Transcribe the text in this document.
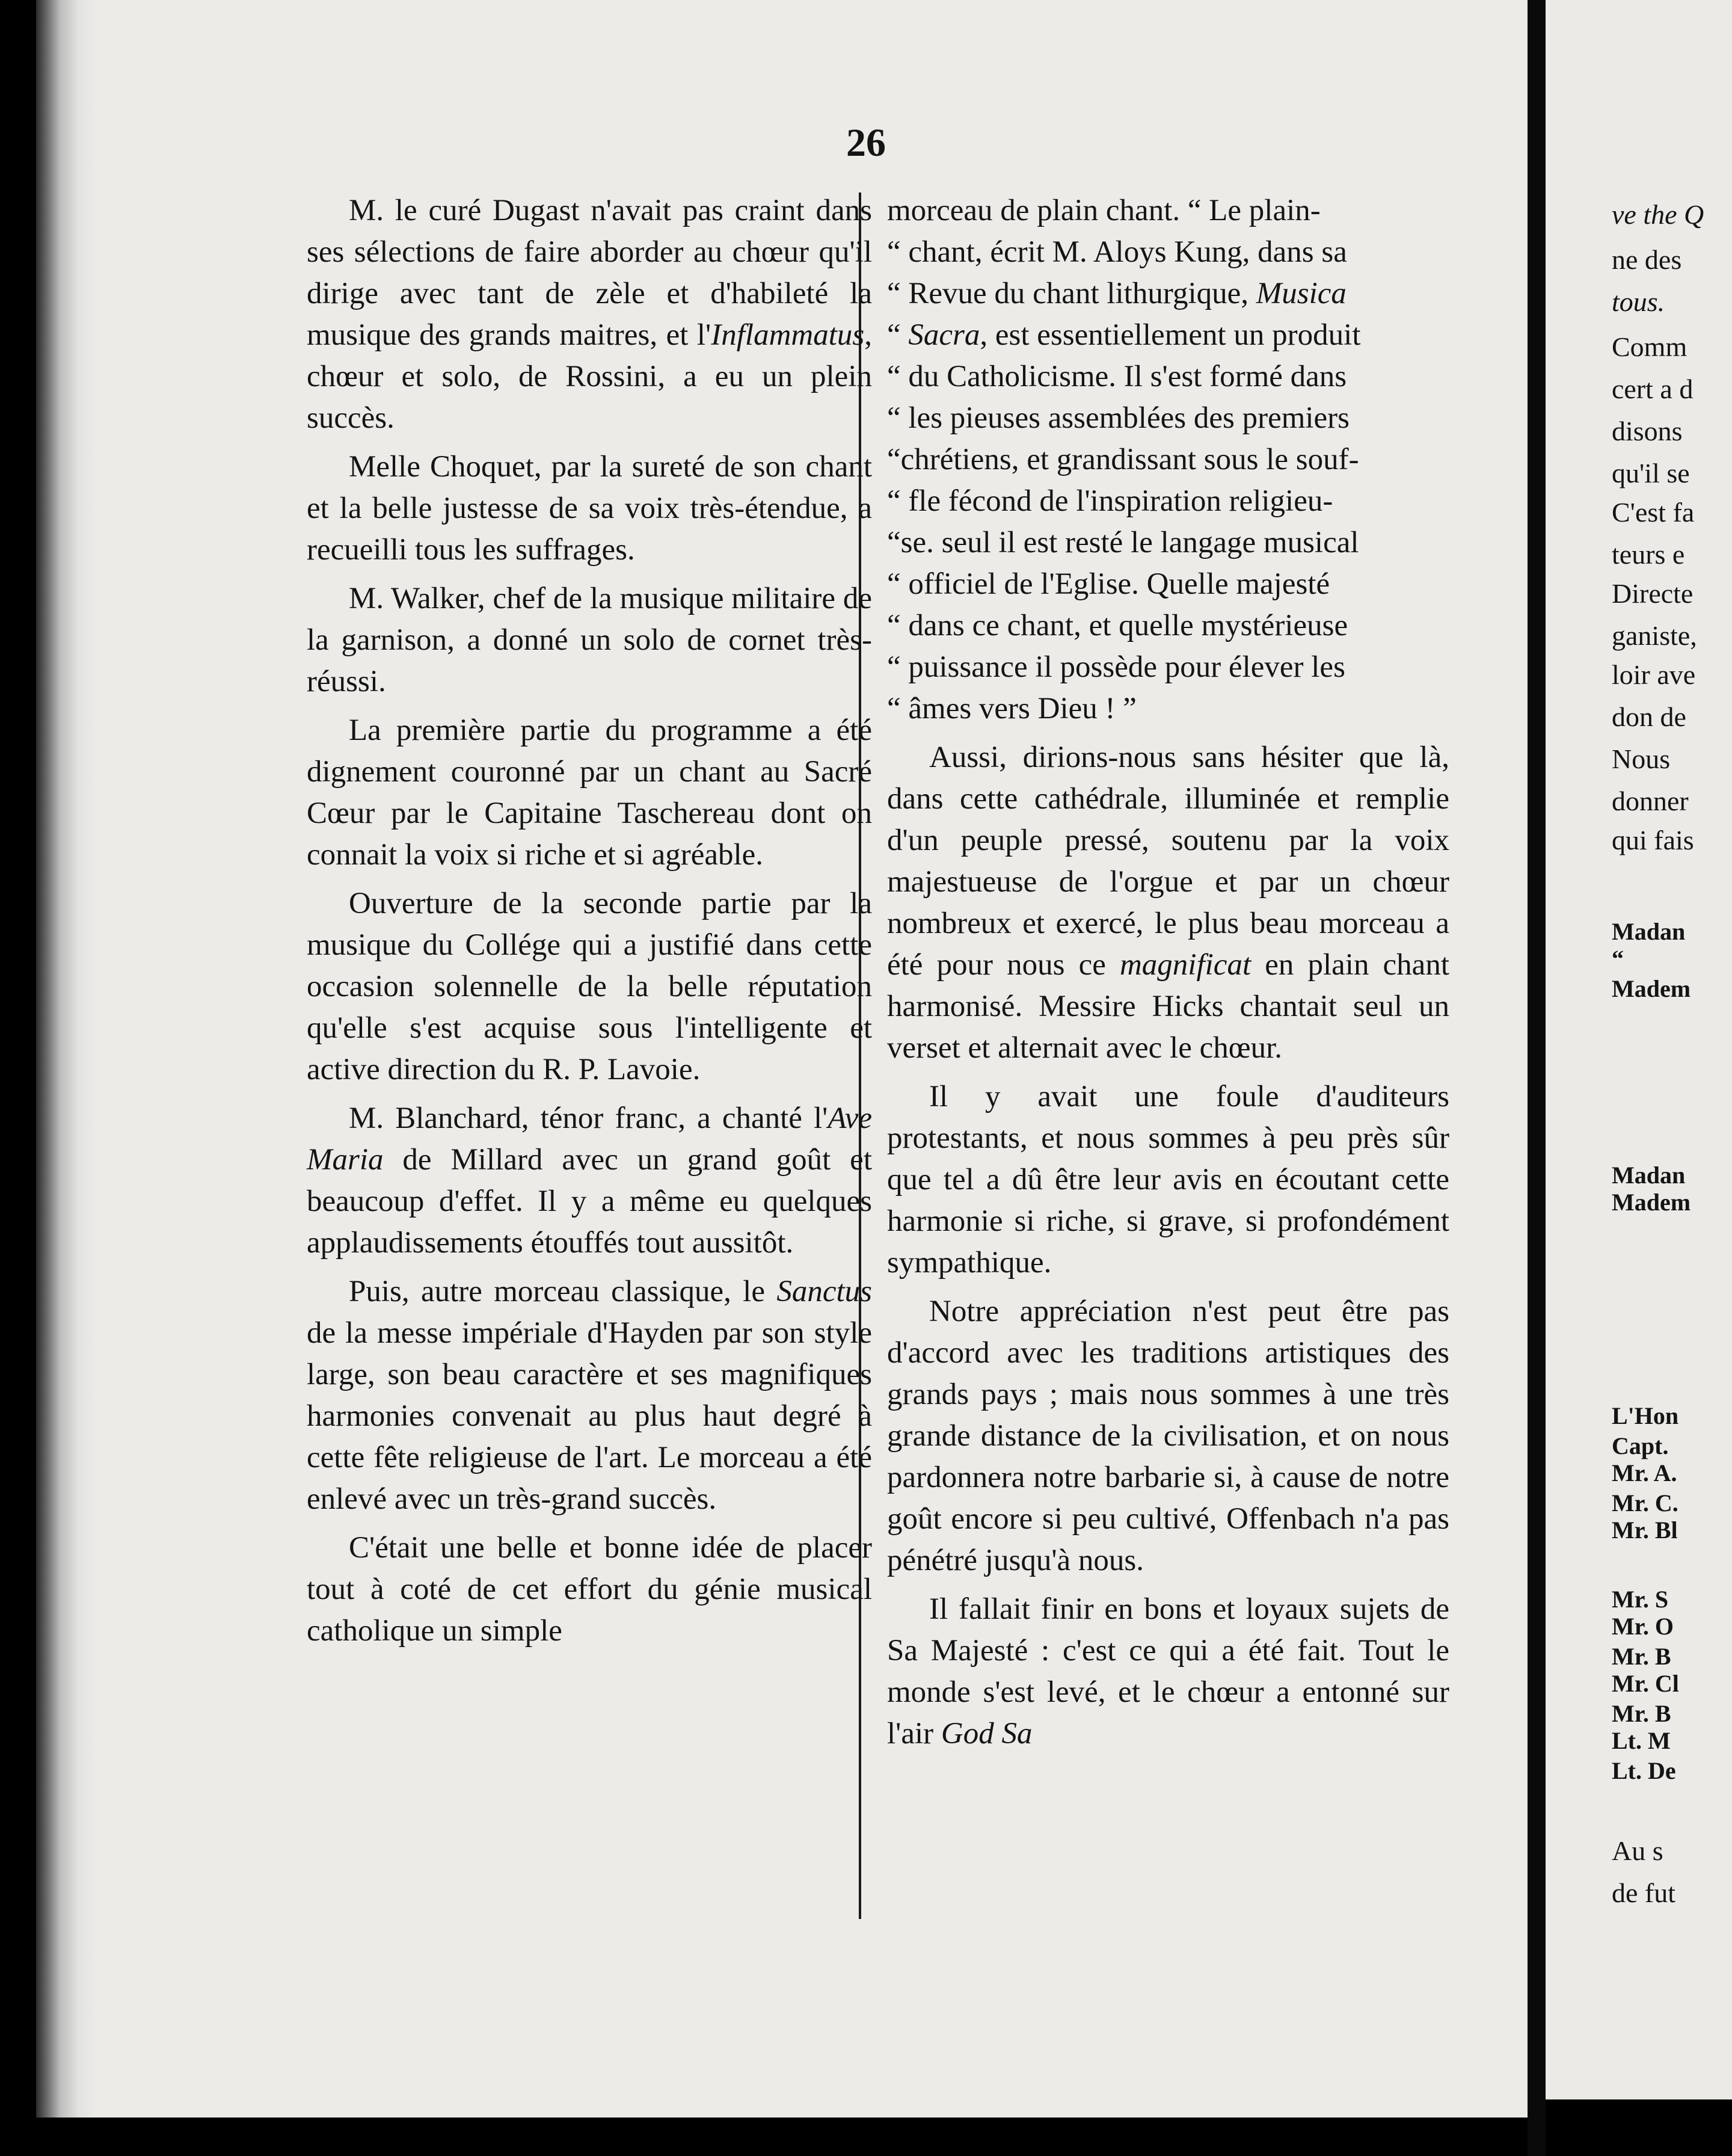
26

M. le curé Dugast n'avait pas craint dans ses sélections de faire aborder au chœur qu'il dirige avec tant de zèle et d'habileté la musique des grands maitres, et l'Inflammatus, chœur et solo, de Rossini, a eu un plein succès.

Melle Choquet, par la sureté de son chant et la belle justesse de sa voix très-étendue, a recueilli tous les suffrages.

M. Walker, chef de la musique militaire de la garnison, a donné un solo de cornet très-réussi.

La première partie du programme a été dignement couronné par un chant au Sacré Cœur par le Capitaine Taschereau dont on connait la voix si riche et si agréable.

Ouverture de la seconde partie par la musique du Collége qui a justifié dans cette occasion solennelle de la belle réputation qu'elle s'est acquise sous l'intelligente et active direction du R. P. Lavoie.

M. Blanchard, ténor franc, a chanté l'Ave Maria de Millard avec un grand goût et beaucoup d'effet. Il y a même eu quelques applaudissements étouffés tout aussitôt.

Puis, autre morceau classique, le Sanctus de la messe impériale d'Hayden par son style large, son beau caractère et ses magnifiques harmonies convenait au plus haut degré à cette fête religieuse de l'art. Le morceau a été enlevé avec un très-grand succès.

C'était une belle et bonne idée de placer tout à coté de cet effort du génie musical catholique un simple

morceau de plain chant. “ Le plain-

“ chant, écrit M. Aloys Kung, dans sa

“ Revue du chant lithurgique, Musica

“ Sacra, est essentiellement un produit

“ du Catholicisme. Il s'est formé dans

“ les pieuses assemblées des premiers

“chrétiens, et grandissant sous le souf-

“ fle fécond de l'inspiration religieu-

“se. seul il est resté le langage musical

“ officiel de l'Eglise. Quelle majesté

“ dans ce chant, et quelle mystérieuse

“ puissance il possède pour élever les

“ âmes vers Dieu ! ”

Aussi, dirions-nous sans hésiter que là, dans cette cathédrale, illuminée et remplie d'un peuple pressé, soutenu par la voix majestueuse de l'orgue et par un chœur nombreux et exercé, le plus beau morceau a été pour nous ce magnificat en plain chant harmonisé. Messire Hicks chantait seul un verset et alternait avec le chœur.

Il y avait une foule d'auditeurs protestants, et nous sommes à peu près sûr que tel a dû être leur avis en écoutant cette harmonie si riche, si grave, si profondément sympathique.

Notre appréciation n'est peut être pas d'accord avec les traditions artistiques des grands pays ; mais nous sommes à une très grande distance de la civilisation, et on nous pardonnera notre barbarie si, à cause de notre goût encore si peu cultivé, Offenbach n'a pas pénétré jusqu'à nous.

Il fallait finir en bons et loyaux sujets de Sa Majesté : c'est ce qui a été fait. Tout le monde s'est levé, et le chœur a entonné sur l'air God Sa

ve the Q
ne des
tous.
Comm
cert a d
disons
qu'il se
C'est fa
teurs e
Directe
ganiste,
loir ave
don de
Nous
donner
qui fais
Madan
“
Madem
Madan
Madem
L'Hon
Capt.
Mr. A.
Mr. C.
Mr. Bl
Mr. S
Mr. O
Mr. B
Mr. Cl
Mr. B
Lt. M
Lt. De
Au s
de fut
